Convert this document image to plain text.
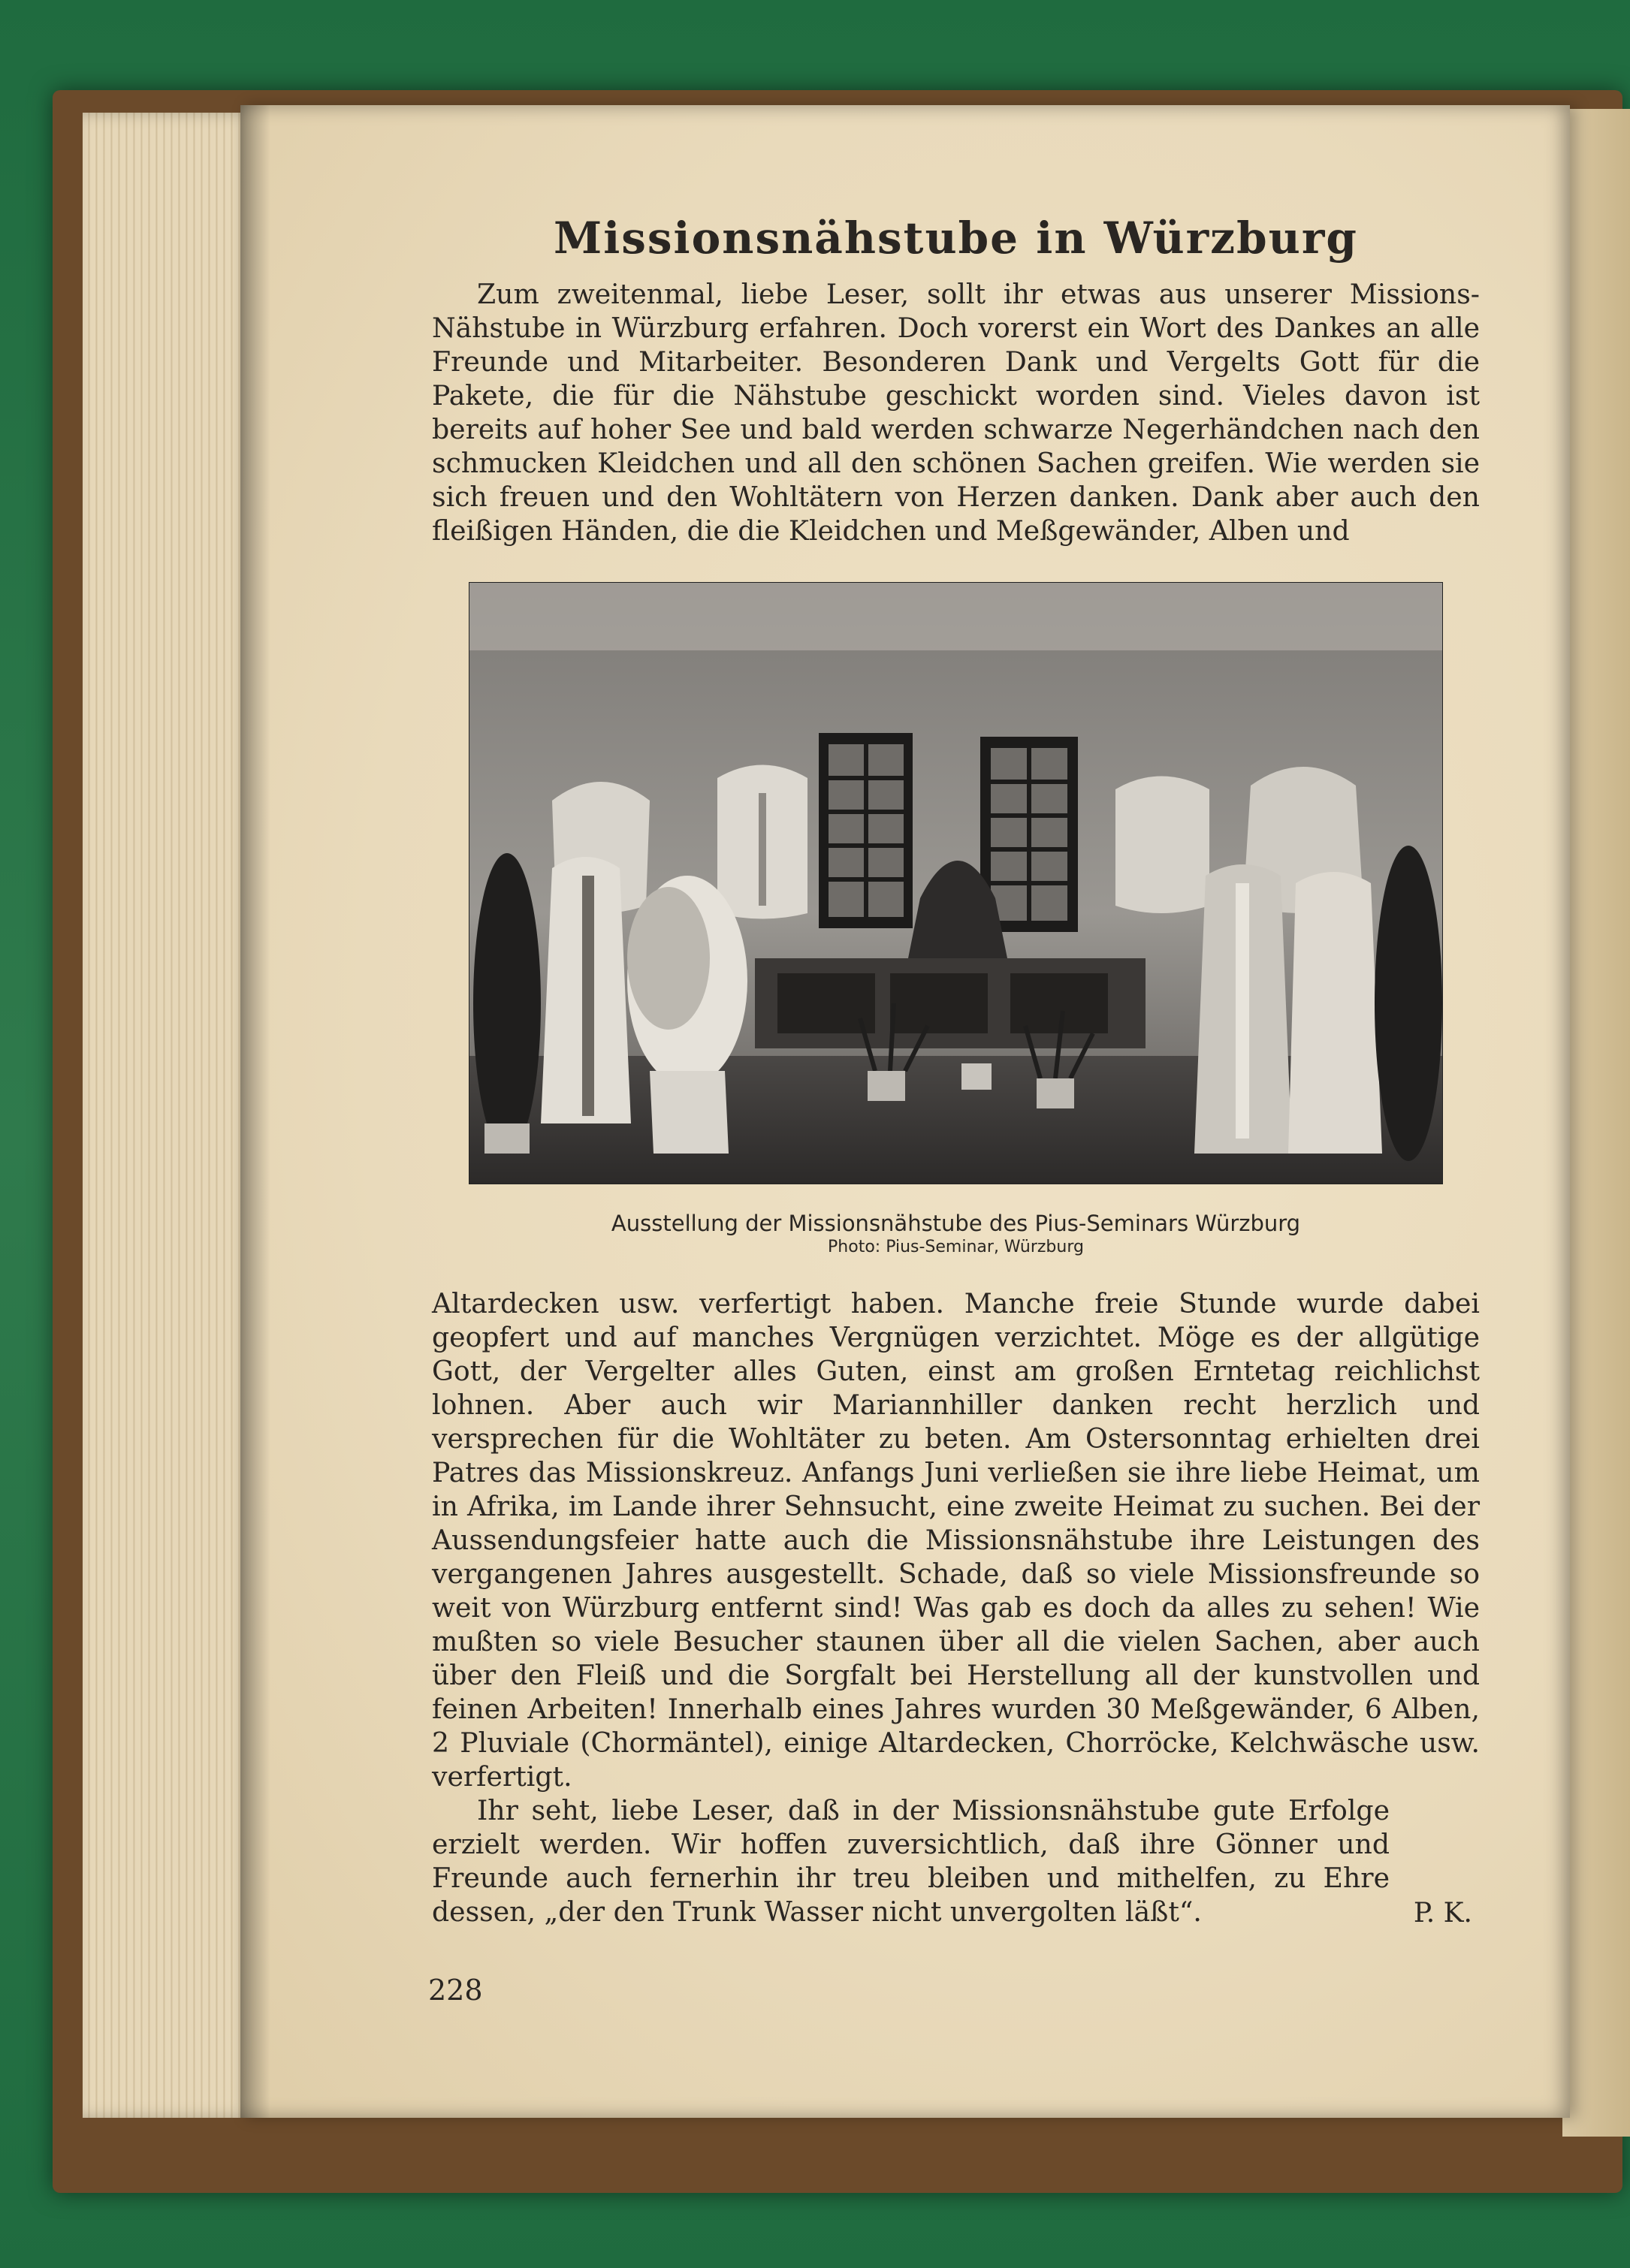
Missionsnähstube in Würzburg

Zum zweitenmal, liebe Leser, sollt ihr etwas aus unserer Missions-Nähstube in Würzburg erfahren. Doch vorerst ein Wort des Dankes an alle Freunde und Mitarbeiter. Besonderen Dank und Vergelts Gott für die Pakete, die für die Nähstube geschickt worden sind. Vieles davon ist bereits auf hoher See und bald werden schwarze Negerhändchen nach den schmucken Kleidchen und all den schönen Sachen greifen. Wie werden sie sich freuen und den Wohltätern von Herzen danken. Dank aber auch den fleißigen Händen, die die Kleidchen und Meßgewänder, Alben und

Ausstellung der Missionsnähstube des Pius-Seminars Würzburg
Photo: Pius-Seminar, Würzburg

Altardecken usw. verfertigt haben. Manche freie Stunde wurde dabei geopfert und auf manches Vergnügen verzichtet. Möge es der allgütige Gott, der Vergelter alles Guten, einst am großen Erntetag reichlichst lohnen. Aber auch wir Mariannhiller danken recht herzlich und versprechen für die Wohltäter zu beten. Am Ostersonntag erhielten drei Patres das Missionskreuz. Anfangs Juni verließen sie ihre liebe Heimat, um in Afrika, im Lande ihrer Sehnsucht, eine zweite Heimat zu suchen. Bei der Aussendungsfeier hatte auch die Missionsnähstube ihre Leistungen des vergangenen Jahres ausgestellt. Schade, daß so viele Missionsfreunde so weit von Würzburg entfernt sind! Was gab es doch da alles zu sehen! Wie mußten so viele Besucher staunen über all die vielen Sachen, aber auch über den Fleiß und die Sorgfalt bei Herstellung all der kunstvollen und feinen Arbeiten! Innerhalb eines Jahres wurden 30 Meßgewänder, 6 Alben, 2 Pluviale (Chormäntel), einige Altardecken, Chorröcke, Kelchwäsche usw. verfertigt.

Ihr seht, liebe Leser, daß in der Missionsnähstube gute Erfolge erzielt werden. Wir hoffen zuversichtlich, daß ihre Gönner und Freunde auch fernerhin ihr treu bleiben und mithelfen, zu Ehre dessen, „der den Trunk Wasser nicht unvergolten läßt“.	P. K.
228
